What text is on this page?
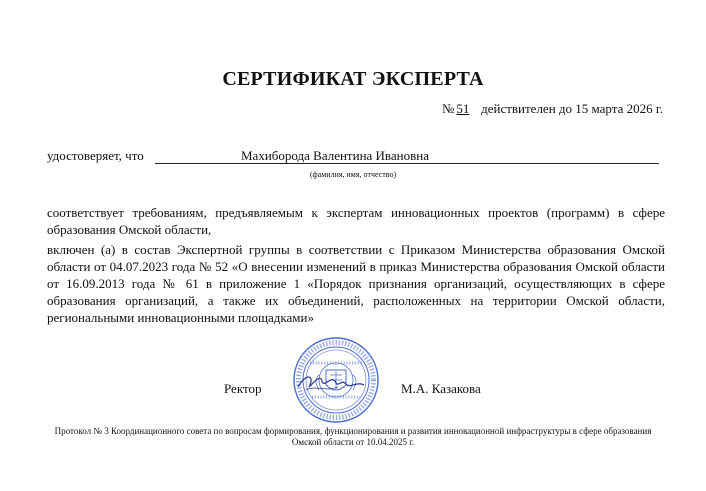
СЕРТИФИКАТ ЭКСПЕРТА
№ 51 действителен до 15 марта 2026 г.
удостоверяет, что	Махиборода Валентина Ивановна
(фамилия, имя, отчество)
соответствует требованиям, предъявляемым к экспертам инновационных проектов (программ) в сфере образования Омской области,
включен (а) в состав Экспертной группы в соответствии с Приказом Министерства образования Омской области от 04.07.2023 года № 52 «О внесении изменений в приказ Министерства образования Омской области от 16.09.2013 года № 61 в приложение 1 «Порядок признания организаций, осуществляющих в сфере образования организаций, а также их объединений, расположенных на территории Омской области, региональными инновационными площадками»
Ректор	М.А. Казакова
Протокол № 3 Координационного совета по вопросам формирования, функционирования и развития инновационной инфраструктуры в сфере образования Омской области от 10.04.2025 г.
